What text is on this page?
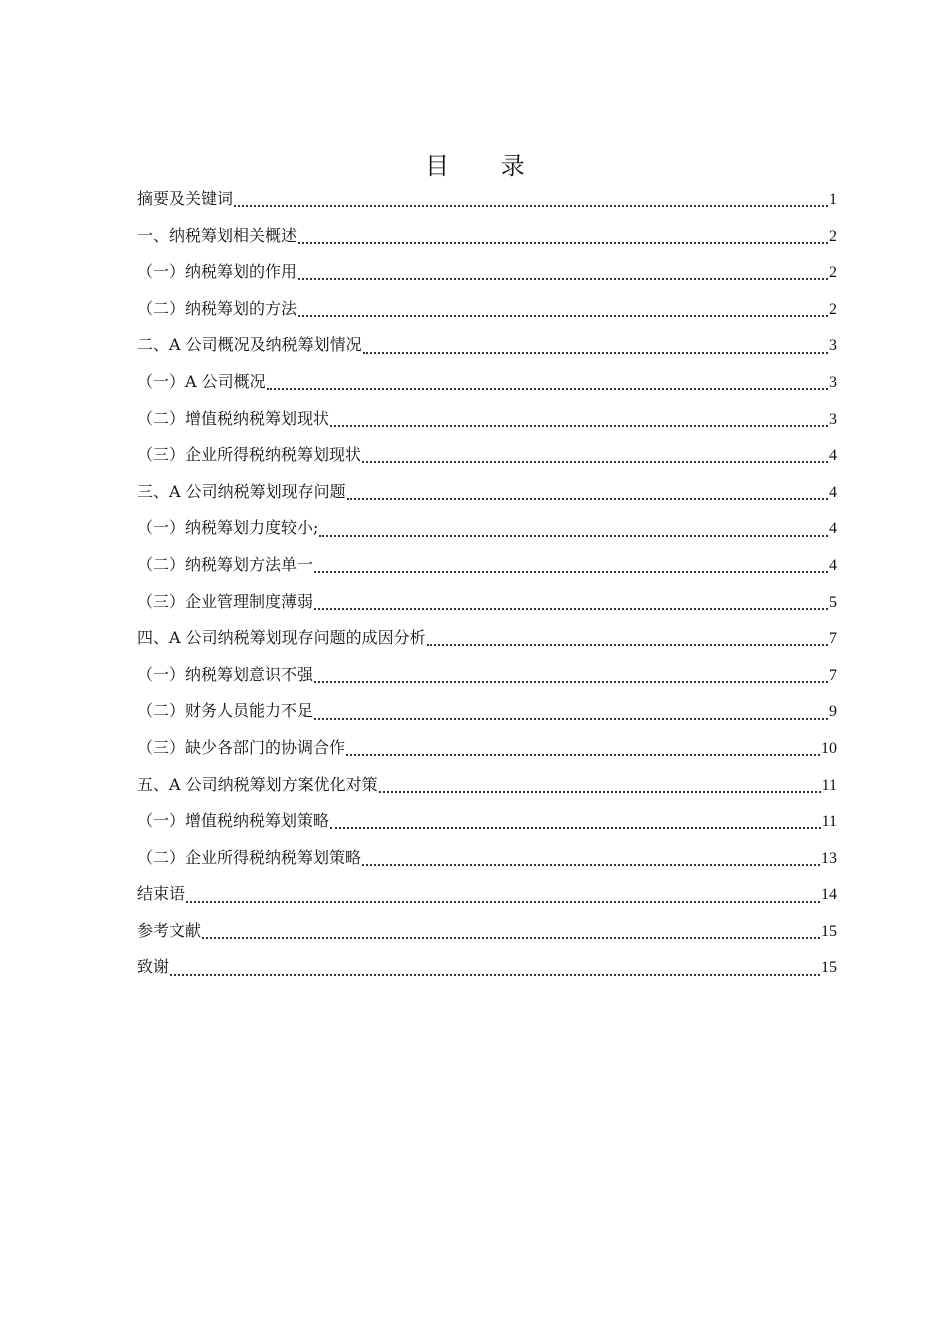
目 录
摘要及关键词	1
一、纳税筹划相关概述	2
（一）纳税筹划的作用	2
（二）纳税筹划的方法	2
二、A 公司概况及纳税筹划情况	3
（一）A 公司概况	3
（二）增值税纳税筹划现状	3
（三）企业所得税纳税筹划现状	4
三、A 公司纳税筹划现存问题	4
（一）纳税筹划力度较小;	4
（二）纳税筹划方法单一	4
（三）企业管理制度薄弱	5
四、A 公司纳税筹划现存问题的成因分析	7
（一）纳税筹划意识不强	7
（二）财务人员能力不足	9
（三）缺少各部门的协调合作	10
五、A 公司纳税筹划方案优化对策	11
（一）增值税纳税筹划策略	11
（二）企业所得税纳税筹划策略	13
结束语	14
参考文献	15
致谢	15
